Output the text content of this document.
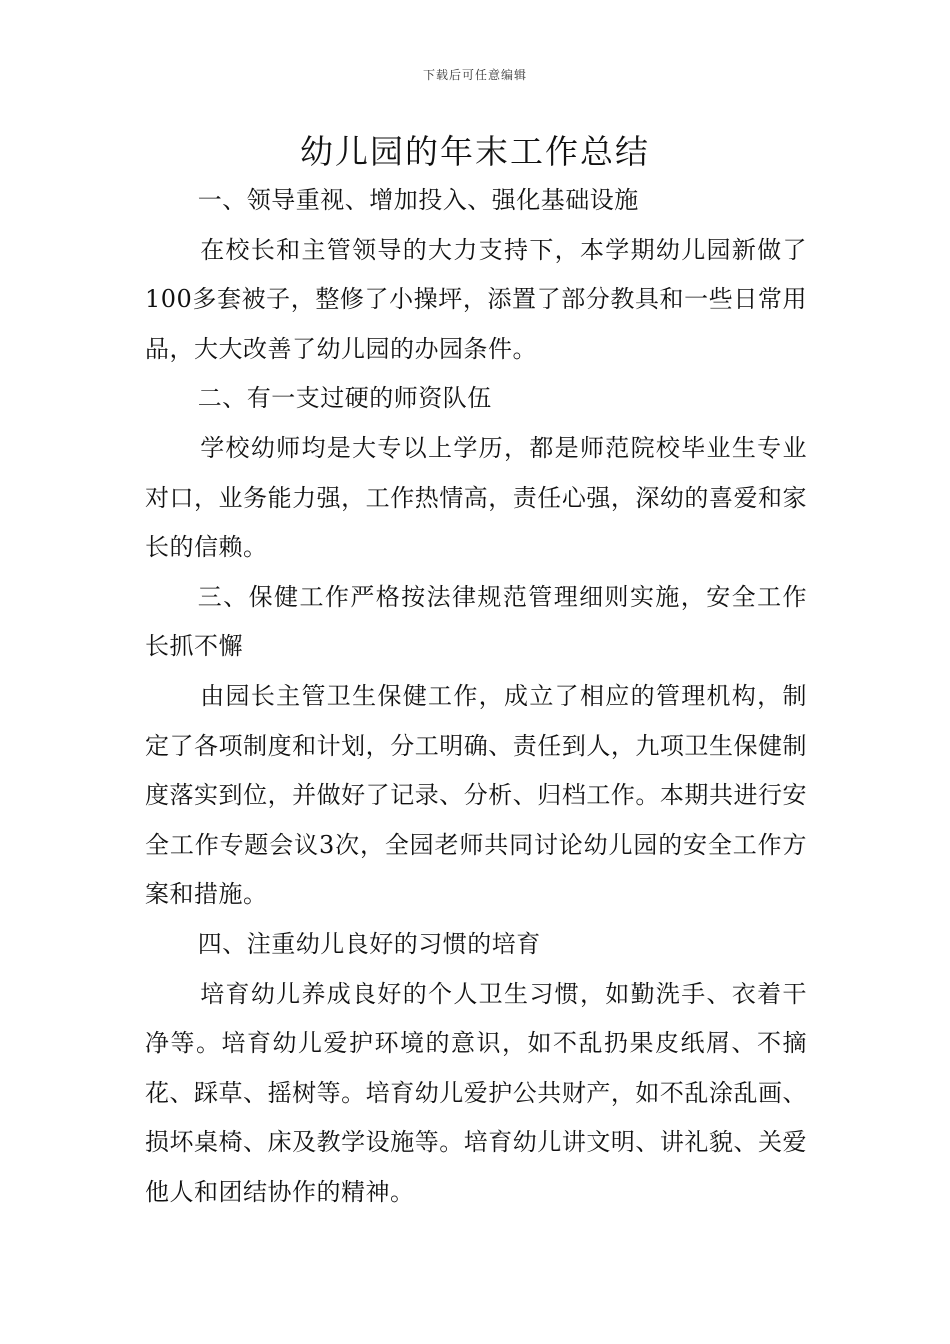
下载后可任意编辑
幼儿园的年末工作总结

一、领导重视、增加投入、强化基础设施

在校长和主管领导的大力支持下，本学期幼儿园新做了100多套被子，整修了小操坪，添置了部分教具和一些日常用品，大大改善了幼儿园的办园条件。

二、有一支过硬的师资队伍

学校幼师均是大专以上学历，都是师范院校毕业生专业对口，业务能力强，工作热情高，责任心强，深幼的喜爱和家长的信赖。

三、保健工作严格按法律规范管理细则实施，安全工作长抓不懈

由园长主管卫生保健工作，成立了相应的管理机构，制定了各项制度和计划，分工明确、责任到人，九项卫生保健制度落实到位，并做好了记录、分析、归档工作。本期共进行安全工作专题会议3次，全园老师共同讨论幼儿园的安全工作方案和措施。

四、注重幼儿良好的习惯的培育

培育幼儿养成良好的个人卫生习惯，如勤洗手、衣着干净等。培育幼儿爱护环境的意识，如不乱扔果皮纸屑、不摘花、踩草、摇树等。培育幼儿爱护公共财产，如不乱涂乱画、损坏桌椅、床及教学设施等。培育幼儿讲文明、讲礼貌、关爱他人和团结协作的精神。
